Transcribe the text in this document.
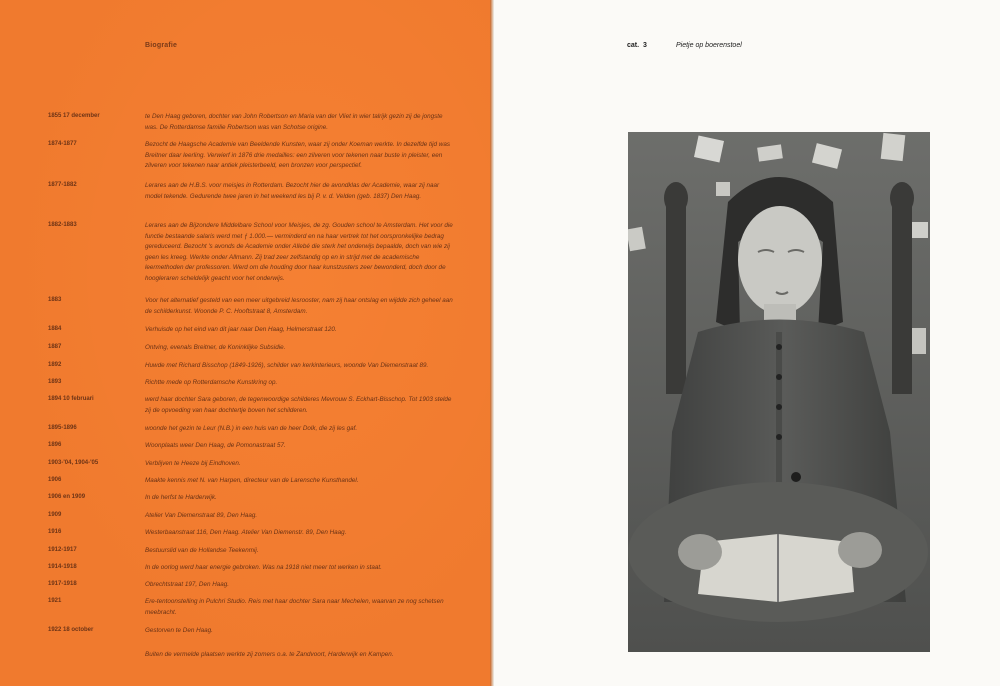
Biografie
1855 17 december	te Den Haag geboren, dochter van John Robertson en Maria van der Vliet in wier talrijk gezin zij de jongste was. De Rotterdamse familie Robertson was van Schotse origine.
1874-1877	Bezocht de Haagsche Academie van Beeldende Kunsten, waar zij onder Koeman werkte. In dezelfde tijd was Breitner daar leerling. Verwierf in 1876 drie medailles: een zilveren voor tekenen naar buste in pleister, een zilveren voor tekenen naar antiek pleisterbeeld, een bronzen voor perspectief.
1877-1882	Lerares aan de H.B.S. voor meisjes in Rotterdam. Bezocht hier de avondklas der Academie, waar zij naar model tekende. Gedurende twee jaren in het weekend les bij P. v. d. Velden (geb. 1837) Den Haag.
1882-1883	Lerares aan de Bijzondere Middelbare School voor Meisjes, de zg. Gouden school te Amsterdam. Het voor die functie bestaande salaris werd met ƒ 1.000.— verminderd en na haar vertrek tot het oorspronkelijke bedrag gereduceerd. Bezocht 's avonds de Academie onder Allebé die sterk het onderwijs bepaalde, doch van wie zij geen les kreeg. Werkte onder Allmann. Zij trad zeer zelfstandig op en in strijd met de academische leermethoden der professoren. Werd om die houding door haar kunstzusters zeer bewonderd, doch door de hoogleraren scheldelijk geacht voor het onderwijs.
1883	Voor het alternatief gesteld van een meer uitgebreid lesrooster, nam zij haar ontslag en wijdde zich geheel aan de schilderkunst. Woonde P. C. Hooftstraat 8, Amsterdam.
1884	Verhuisde op het eind van dit jaar naar Den Haag, Helmerstraat 120.
1887	Ontving, evenals Breitner, de Koninklijke Subsidie.
1892	Huwde met Richard Bisschop (1849-1926), schilder van kerkinterieurs, woonde Van Diemenstraat 89.
1893	Richtte mede op Rotterdamsche Kunstkring op.
1894 10 februari	werd haar dochter Sara geboren, de tegenwoordige schilderes Mevrouw S. Eckhart-Bisschop. Tot 1903 stelde zij de opvoeding van haar dochtertje boven het schilderen.
1895-1896	woonde het gezin te Leur (N.B.) in een huis van de heer Dolk, die zij les gaf.
1896	Woonplaats weer Den Haag, de Pomonastraat 57.
1903-'04, 1904-'05	Verblijven te Heeze bij Eindhoven.
1906	Maakte kennis met N. van Harpen, directeur van de Larensche Kunsthandel.
1906 en 1909	In de herfst te Harderwijk.
1909	Atelier Van Diemenstraat 89, Den Haag.
1916	Westerbaanstraat 116, Den Haag. Atelier Van Diemenstr. 89, Den Haag.
1912-1917	Bestuurslid van de Hollandse Teekenmij.
1914-1918	In de oorlog werd haar energie gebroken. Was na 1918 niet meer tot werken in staat.
1917-1918	Obrechtstraat 197, Den Haag.
1921	Ere-tentoonstelling in Pulchri Studio. Reis met haar dochter Sara naar Mechelen, waarvan ze nog schetsen meebracht.
1922 18 october	Gestorven te Den Haag.
Buiten de vermelde plaatsen werkte zij zomers o.a. te Zandvoort, Harderwijk en Kampen.
cat. 3	Pietje op boerenstoel
